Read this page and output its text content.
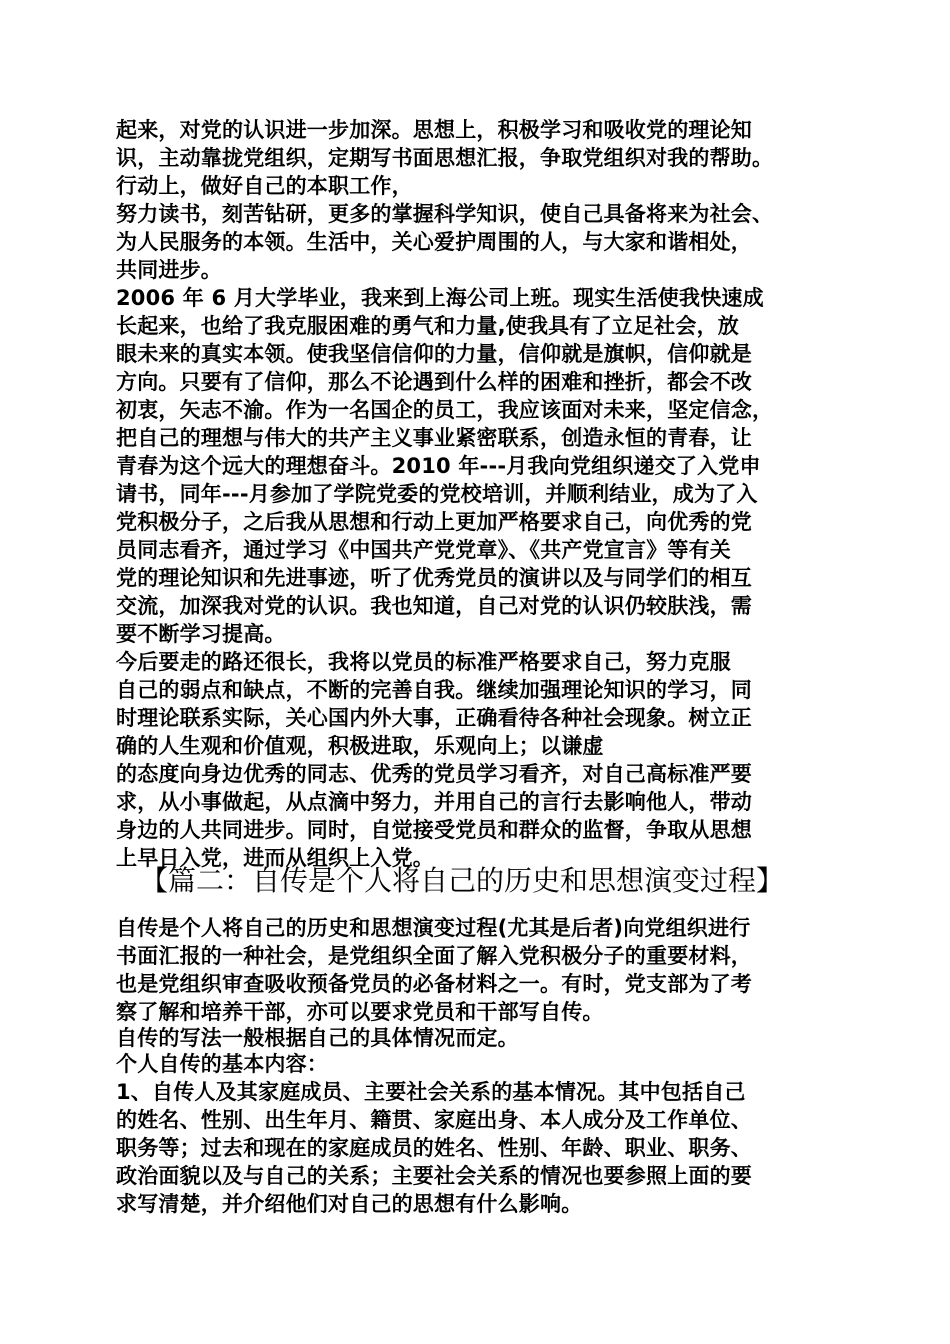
起来，对党的认识进一步加深。思想上，积极学习和吸收党的理论知
识，主动靠拢党组织，定期写书面思想汇报，争取党组织对我的帮助。
行动上，做好自己的本职工作，
努力读书，刻苦钻研，更多的掌握科学知识，使自己具备将来为社会、
为人民服务的本领。生活中，关心爱护周围的人，与大家和谐相处，
共同进步。
2006 年 6 月大学毕业，我来到上海公司上班。现实生活使我快速成
长起来，也给了我克服困难的勇气和力量,使我具有了立足社会，放
眼未来的真实本领。使我坚信信仰的力量，信仰就是旗帜，信仰就是
方向。只要有了信仰，那么不论遇到什么样的困难和挫折，都会不改
初衷，矢志不渝。作为一名国企的员工，我应该面对未来，坚定信念，
把自己的理想与伟大的共产主义事业紧密联系，创造永恒的青春，让
青春为这个远大的理想奋斗。2010 年---月我向党组织递交了入党申
请书，同年---月参加了学院党委的党校培训，并顺利结业，成为了入
党积极分子，之后我从思想和行动上更加严格要求自己，向优秀的党
员同志看齐，通过学习《中国共产党党章》、《共产党宣言》等有关
党的理论知识和先进事迹，听了优秀党员的演讲以及与同学们的相互
交流，加深我对党的认识。我也知道，自己对党的认识仍较肤浅，需
要不断学习提高。
今后要走的路还很长，我将以党员的标准严格要求自己，努力克服
自己的弱点和缺点，不断的完善自我。继续加强理论知识的学习，同
时理论联系实际，关心国内外大事，正确看待各种社会现象。树立正
确的人生观和价值观，积极进取，乐观向上；以谦虚
的态度向身边优秀的同志、优秀的党员学习看齐，对自己高标准严要
求，从小事做起，从点滴中努力，并用自己的言行去影响他人，带动
身边的人共同进步。同时，自觉接受党员和群众的监督，争取从思想
上早日入党，进而从组织上入党。
【篇二：自传是个人将自己的历史和思想演变过程】
自传是个人将自己的历史和思想演变过程(尤其是后者)向党组织进行
书面汇报的一种社会，是党组织全面了解入党积极分子的重要材料，
也是党组织审查吸收预备党员的必备材料之一。有时，党支部为了考
察了解和培养干部，亦可以要求党员和干部写自传。
自传的写法一般根据自己的具体情况而定。
个人自传的基本内容：
1、自传人及其家庭成员、主要社会关系的基本情况。其中包括自己
的姓名、性别、出生年月、籍贯、家庭出身、本人成分及工作单位、
职务等；过去和现在的家庭成员的姓名、性别、年龄、职业、职务、
政治面貌以及与自己的关系；主要社会关系的情况也要参照上面的要
求写清楚，并介绍他们对自己的思想有什么影响。
